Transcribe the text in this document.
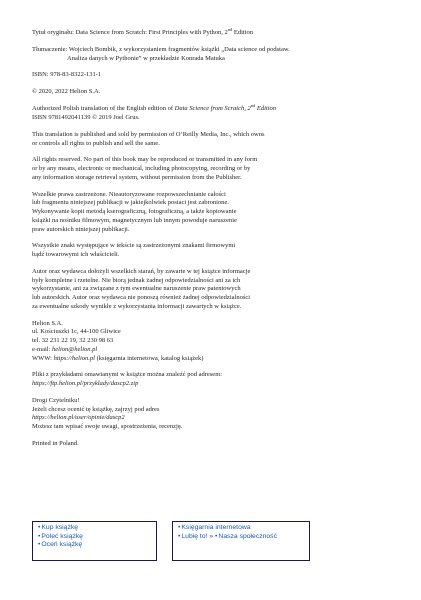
Tytuł oryginału: Data Science from Scratch: First Principles with Python, 2nd Edition

Tłumaczenie: Wojciech Bombik, z wykorzystaniem fragmentów książki „Data science od podstaw.

Analiza danych w Pythonie” w przekładzie Konrada Matuka

ISBN: 978-83-8322-131-1

© 2020, 2022 Helion S.A.

Authorized Polish translation of the English edition of Data Science from Scratch, 2nd Edition

ISBN 9781492041139 © 2019 Joel Grus.

This translation is published and sold by permission of O’Reilly Media, Inc., which owns

or controls all rights to publish and sell the same.

All rights reserved. No part of this book may be reproduced or transmitted in any form

or by any means, electronic or mechanical, including photocopying, recording or by

any information storage retrieval system, without permission from the Publisher.

Wszelkie prawa zastrzeżone. Nieautoryzowane rozpowszechnianie całości

lub fragmentu niniejszej publikacji w jakiejkolwiek postaci jest zabronione.

Wykonywanie kopii metodą kserograficzną, fotograficzną, a także kopiowanie

książki na nośniku filmowym, magnetycznym lub innym powoduje naruszenie

praw autorskich niniejszej publikacji.

Wszystkie znaki występujące w tekście są zastrzeżonymi znakami firmowymi

bądź towarowymi ich właścicieli.

Autor oraz wydawca dołożyli wszelkich starań, by zawarte w tej książce informacje

były kompletne i rzetelne. Nie biorą jednak żadnej odpowiedzialności ani za ich

wykorzystanie, ani za związane z tym ewentualne naruszenie praw patentowych

lub autorskich. Autor oraz wydawca nie ponoszą również żadnej odpowiedzialności

za ewentualne szkody wynikłe z wykorzystania informacji zawartych w książce.

Helion S.A.

ul. Kościuszki 1c, 44-100 Gliwice

tel. 32 231 22 19, 32 230 98 63

e-mail: helion@helion.pl

WWW: https://helion.pl (księgarnia internetowa, katalog książek)

Pliki z przykładami omawianymi w książce można znaleźć pod adresem:

https://ftp.helion.pl/przyklady/dascp2.zip

Drogi Czytelniku!

Jeżeli chcesz ocenić tę książkę, zajrzyj pod adres

https://helion.pl/user/opinie/dascp2

Możesz tam wpisać swoje uwagi, spostrzeżenia, recenzję.

Printed in Poland.

•Kup książkę
•Poleć książkę
•Oceń książkę
•Księgarnia internetowa
•Lubię to! » •Nasza społeczność
